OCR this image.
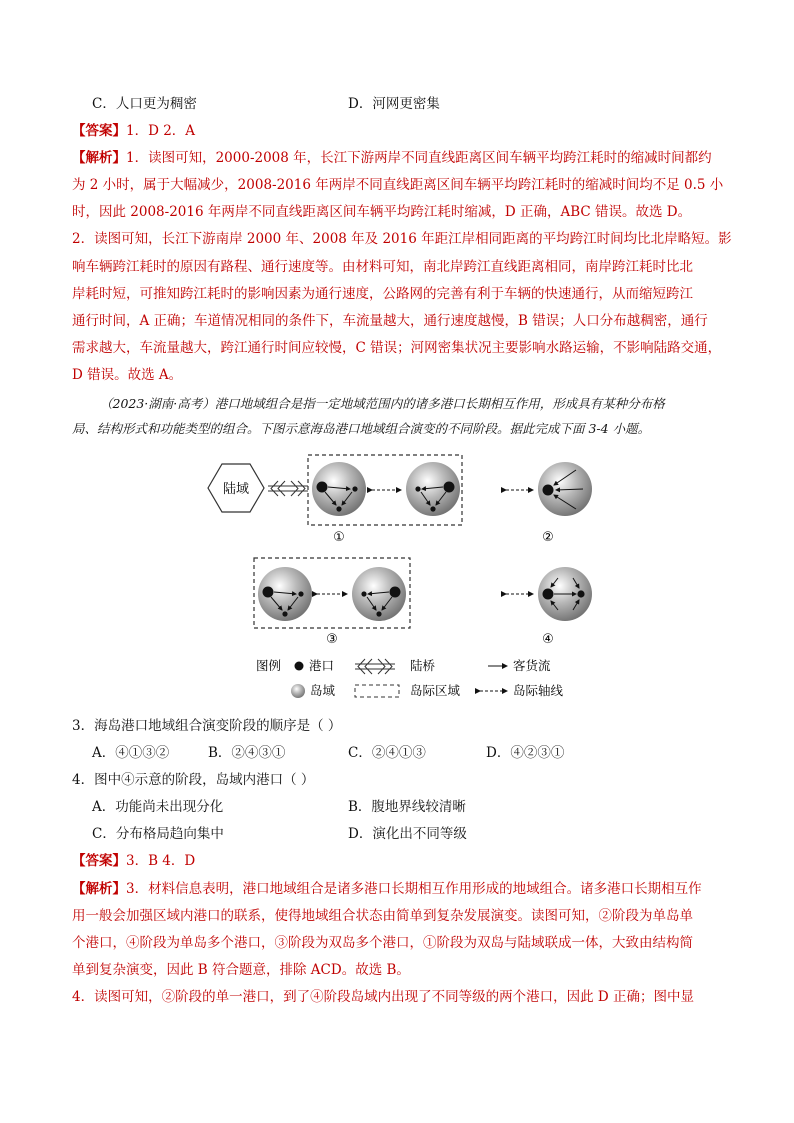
C．人口更为稠密	D．河网更密集
【答案】1．D 2．A
【解析】1．读图可知，2000-2008 年，长江下游两岸不同直线距离区间车辆平均跨江耗时的缩减时间都约
为 2 小时，属于大幅减少，2008-2016 年两岸不同直线距离区间车辆平均跨江耗时的缩减时间均不足 0.5 小
时，因此 2008-2016 年两岸不同直线距离区间车辆平均跨江耗时缩减，D 正确，ABC 错误。故选 D。
2．读图可知，长江下游南岸 2000 年、2008 年及 2016 年距江岸相同距离的平均跨江时间均比北岸略短。影
响车辆跨江耗时的原因有路程、通行速度等。由材料可知，南北岸跨江直线距离相同，南岸跨江耗时比北
岸耗时短，可推知跨江耗时的影响因素为通行速度，公路网的完善有利于车辆的快速通行，从而缩短跨江
通行时间，A 正确；车道情况相同的条件下，车流量越大，通行速度越慢，B 错误；人口分布越稠密，通行
需求越大，车流量越大，跨江通行时间应较慢，C 错误；河网密集状况主要影响水路运输，不影响陆路交通，
D 错误。故选 A。
（2023·湖南·高考）港口地域组合是指一定地域范围内的诸多港口长期相互作用，形成具有某种分布格
局、结构形式和功能类型的组合。下图示意海岛港口地域组合演变的不同阶段。据此完成下面 3-4 小题。
陆域
①	②
③	④
图例 港口	陆桥	客货流
岛域	岛际区域	岛际轴线
3．海岛港口地域组合演变阶段的顺序是（ ）
A．④①③②	B．②④③①	C．②④①③	D．④②③①
4．图中④示意的阶段，岛域内港口（ ）
A．功能尚未出现分化	B．腹地界线较清晰
C．分布格局趋向集中	D．演化出不同等级
【答案】3．B 4．D
【解析】3．材料信息表明，港口地域组合是诸多港口长期相互作用形成的地域组合。诸多港口长期相互作
用一般会加强区域内港口的联系，使得地域组合状态由简单到复杂发展演变。读图可知，②阶段为单岛单
个港口，④阶段为单岛多个港口，③阶段为双岛多个港口，①阶段为双岛与陆域联成一体，大致由结构简
单到复杂演变，因此 B 符合题意，排除 ACD。故选 B。
4．读图可知，②阶段的单一港口，到了④阶段岛域内出现了不同等级的两个港口，因此 D 正确；图中显
